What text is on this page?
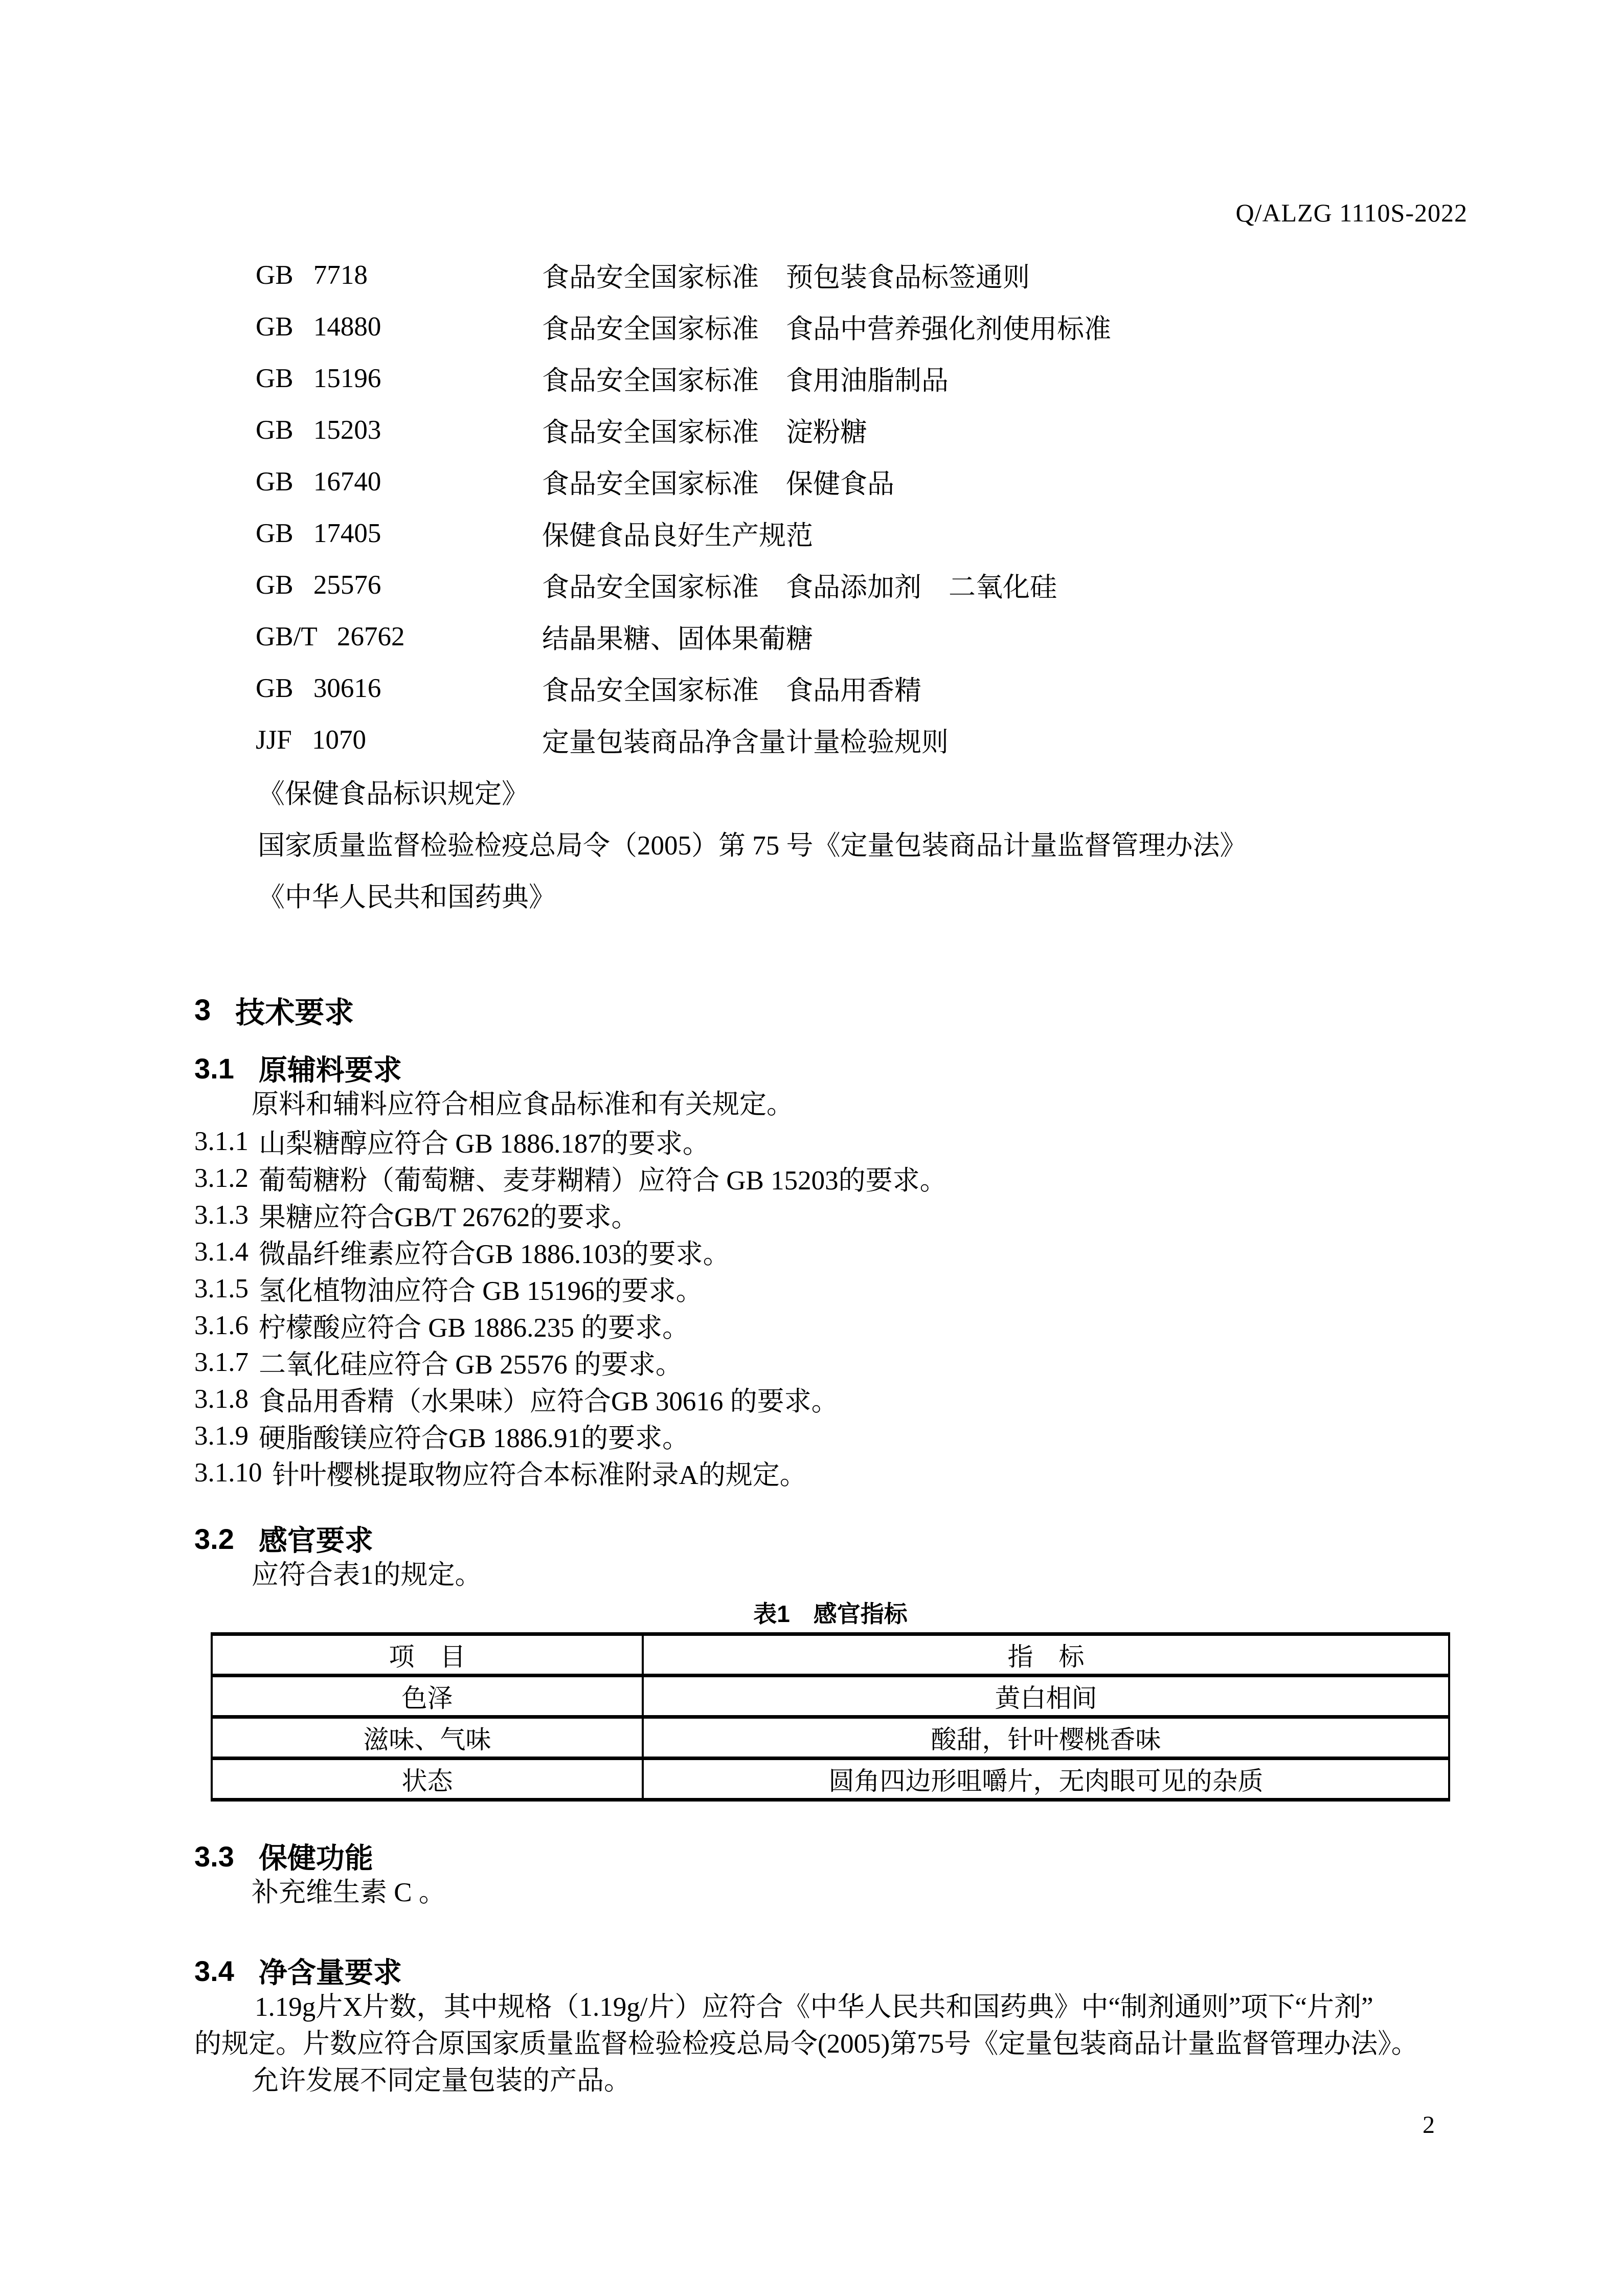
Q/ALZG 1110S-2022
GB 7718	食品安全国家标准　预包装食品标签通则
GB 14880	食品安全国家标准　食品中营养强化剂使用标准
GB 15196	食品安全国家标准　食用油脂制品
GB 15203	食品安全国家标准　淀粉糖
GB 16740	食品安全国家标准　保健食品
GB 17405	保健食品良好生产规范
GB 25576	食品安全国家标准　食品添加剂　二氧化硅
GB/T 26762	结晶果糖、固体果葡糖
GB 30616	食品安全国家标准　食品用香精
JJF 1070	定量包装商品净含量计量检验规则
《保健食品标识规定》
国家质量监督检验检疫总局令（2005）第 75 号《定量包装商品计量监督管理办法》
《中华人民共和国药典》
3 技术要求
3.1 原辅料要求
原料和辅料应符合相应食品标准和有关规定。
3.1.1 山梨糖醇应符合 GB 1886.187的要求。
3.1.2 葡萄糖粉（葡萄糖、麦芽糊精）应符合 GB 15203的要求。
3.1.3 果糖应符合GB/T 26762的要求。
3.1.4 微晶纤维素应符合GB 1886.103的要求。
3.1.5 氢化植物油应符合 GB 15196的要求。
3.1.6 柠檬酸应符合 GB 1886.235 的要求。
3.1.7 二氧化硅应符合 GB 25576 的要求。
3.1.8 食品用香精（水果味）应符合GB 30616 的要求。
3.1.9 硬脂酸镁应符合GB 1886.91的要求。
3.1.10 针叶樱桃提取物应符合本标准附录A的规定。
3.2 感官要求
应符合表1的规定。
表1　感官指标
项　目	指　标
色泽	黄白相间
滋味、气味	酸甜，针叶樱桃香味
状态	圆角四边形咀嚼片，无肉眼可见的杂质
3.3 保健功能
补充维生素 C 。
3.4 净含量要求
1.19g片X片数，其中规格（1.19g/片）应符合《中华人民共和国药典》中“制剂通则”项下“片剂”
的规定。片数应符合原国家质量监督检验检疫总局令(2005)第75号《定量包装商品计量监督管理办法》。
允许发展不同定量包装的产品。
2
